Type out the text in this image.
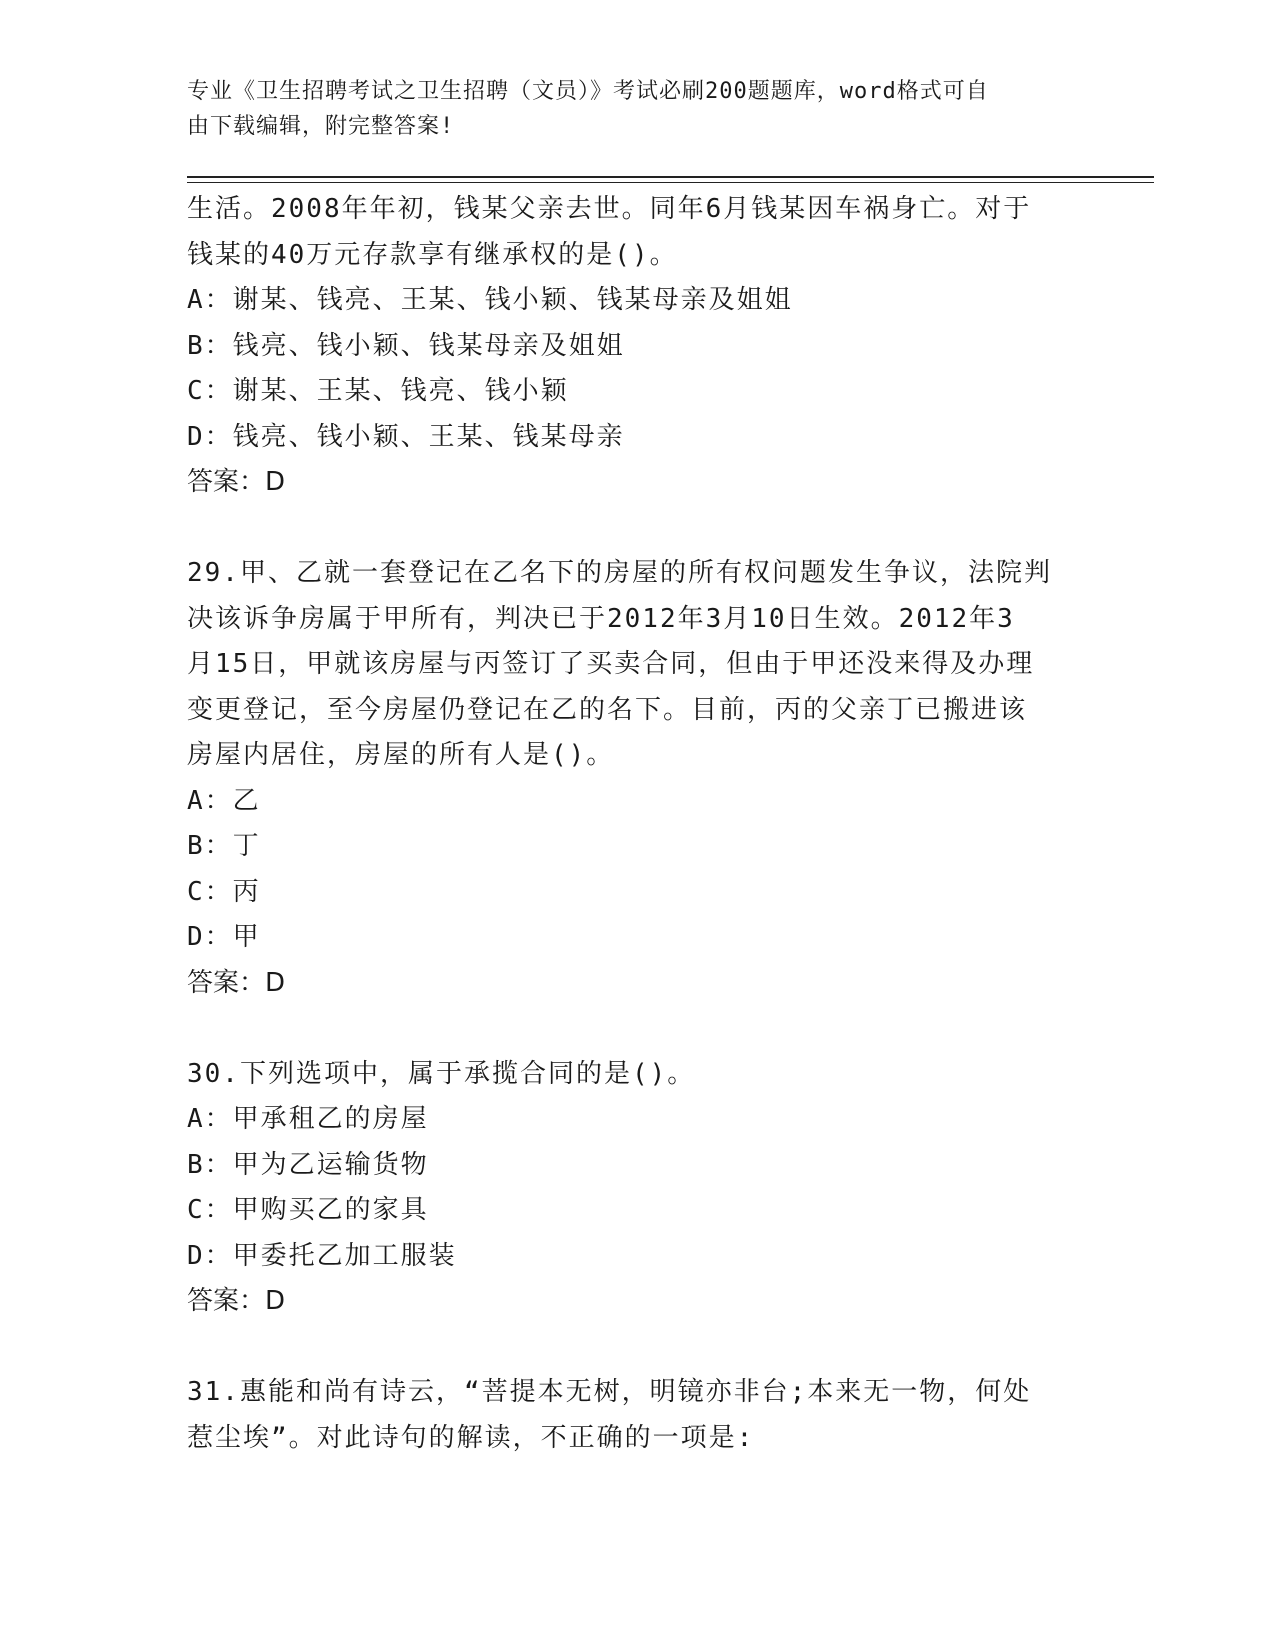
专业《卫生招聘考试之卫生招聘（文员）》考试必刷200题题库，word格式可自
由下载编辑，附完整答案!
生活。2008年年初，钱某父亲去世。同年6月钱某因车祸身亡。对于
钱某的40万元存款享有继承权的是()。
A：谢某、钱亮、王某、钱小颖、钱某母亲及姐姐
B：钱亮、钱小颖、钱某母亲及姐姐
C：谢某、王某、钱亮、钱小颖
D：钱亮、钱小颖、王某、钱某母亲
答案：D
29.甲、乙就一套登记在乙名下的房屋的所有权问题发生争议，法院判
决该诉争房属于甲所有，判决已于2012年3月10日生效。2012年3
月15日，甲就该房屋与丙签订了买卖合同，但由于甲还没来得及办理
变更登记，至今房屋仍登记在乙的名下。目前，丙的父亲丁已搬进该
房屋内居住，房屋的所有人是()。
A：乙
B：丁
C：丙
D：甲
答案：D
30.下列选项中，属于承揽合同的是()。
A：甲承租乙的房屋
B：甲为乙运输货物
C：甲购买乙的家具
D：甲委托乙加工服装
答案：D
31.惠能和尚有诗云，“菩提本无树，明镜亦非台;本来无一物，何处
惹尘埃”。对此诗句的解读，不正确的一项是:
